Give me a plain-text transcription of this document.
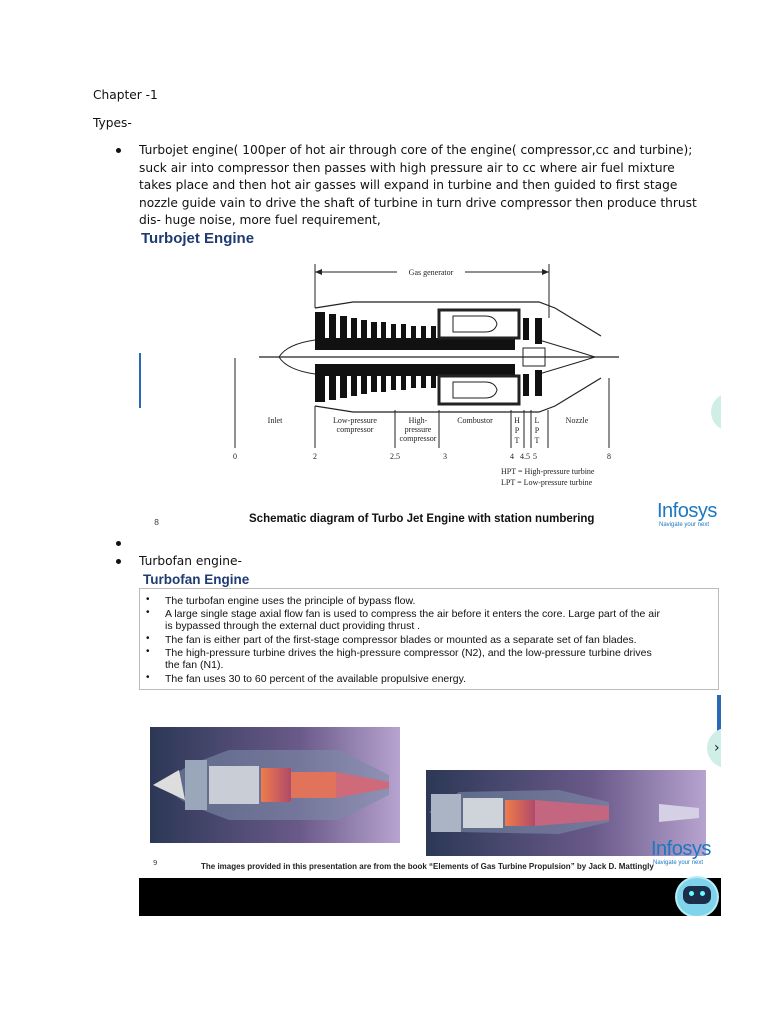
Chapter -1
Types-
Turbojet engine( 100per of hot air through core of the engine( compressor,cc and turbine);
suck air into compressor then passes with high pressure air to cc where air fuel mixture
takes place and then hot air gasses will expand in turbine and then guided to first stage
nozzle guide vain to drive the shaft of turbine in turn drive compressor then produce thrust
dis- huge noise, more fuel requirement,
Turbojet Engine
Gas generator
Inlet	Low-pressure
compressor
High-
pressure
compressor
Combustor	H
P
T
L
P
T
Nozzle
0	2	2.5	3	4 4.5 5	8
HPT = High-pressure turbine
LPT = Low-pressure turbine
8	Schematic diagram of Turbo Jet Engine with station numbering	Infosys
Navigate your next
Turbofan engine-
Turbofan Engine
• The turbofan engine uses the principle of bypass flow.
• A large single stage axial flow fan is used to compress the air before it enters the core. Large part of the air
is bypassed through the external duct providing thrust .
• The fan is either part of the first-stage compressor blades or mounted as a separate set of fan blades.
• The high-pressure turbine drives the high-pressure compressor (N2), and the low-pressure turbine drives
the fan (N1).
• The fan uses 30 to 60 percent of the available propulsive energy.
9	The images provided in this presentation are from the book “Elements of Gas Turbine Propulsion” by Jack D. Mattingly
Infosys
Navigate your next
›
